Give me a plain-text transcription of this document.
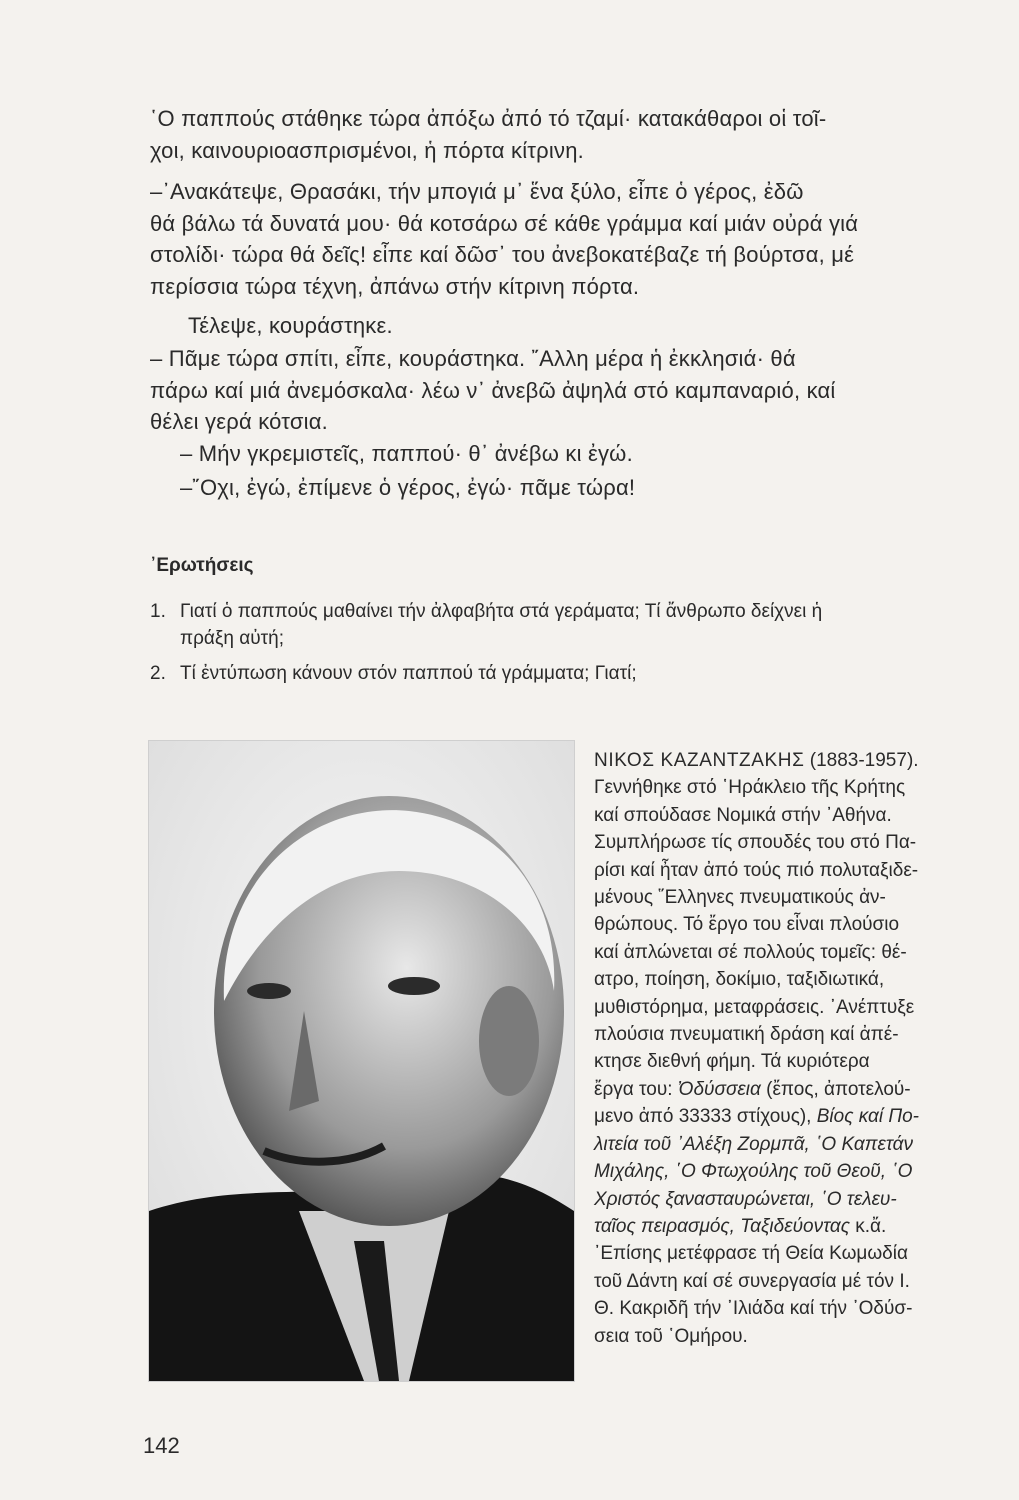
῾Ο παππούς στάθηκε τώρα ἀπόξω ἀπό τό τζαμί· κατακάθαροι οἱ τοῖ-
χοι, καινουριοασπρισμένοι, ἡ πόρτα κίτρινη.
–᾿Ανακάτεψε, Θρασάκι, τήν μπογιά μ᾿ ἕνα ξύλο, εἶπε ὁ γέρος, ἐδῶ
θά βάλω τά δυνατά μου· θά κοτσάρω σέ κάθε γράμμα καί μιάν οὐρά γιά
στολίδι· τώρα θά δεῖς! εἶπε καί δῶσ᾿ του ἀνεβοκατέβαζε τή βούρτσα, μέ
περίσσια τώρα τέχνη, ἀπάνω στήν κίτρινη πόρτα.
Τέλεψε, κουράστηκε.
– Πᾶμε τώρα σπίτι, εἶπε, κουράστηκα. ῎Αλλη μέρα ἡ ἐκκλησιά· θά
πάρω καί μιά ἀνεμόσκαλα· λέω ν᾿ ἀνεβῶ ἀψηλά στό καμπαναριό, καί
θέλει γερά κότσια.
– Μήν γκρεμιστεῖς, παππού· θ᾿ ἀνέβω κι ἐγώ.
–῎Οχι, ἐγώ, ἐπίμενε ὁ γέρος, ἐγώ· πᾶμε τώρα!
᾿Ερωτήσεις
1. Γιατί ὁ παππούς μαθαίνει τήν ἀλφαβήτα στά γεράματα; Τί ἄνθρωπο δείχνει ἡ
πράξη αὐτή;
2. Τί ἐντύπωση κάνουν στόν παππού τά γράμματα; Γιατί;
ΝΙΚΟΣ ΚΑΖΑΝΤΖΑΚΗΣ (1883-1957).
Γεννήθηκε στό ῾Ηράκλειο τῆς Κρήτης
καί σπούδασε Νομικά στήν ᾿Αθήνα.
Συμπλήρωσε τίς σπουδές του στό Πα-
ρίσι καί ἦταν ἀπό τούς πιό πολυταξιδε-
μένους ῞Ελληνες πνευματικούς ἀν-
θρώπους. Τό ἔργο του εἶναι πλούσιο
καί ἁπλώνεται σέ πολλούς τομεῖς: θέ-
ατρο, ποίηση, δοκίμιο, ταξιδιωτικά,
μυθιστόρημα, μεταφράσεις. ᾿Ανέπτυξε
πλούσια πνευματική δράση καί ἀπέ-
κτησε διεθνή φήμη. Τά κυριότερα
ἔργα του: Ὀδύσσεια (ἔπος, ἀποτελού-
μενο ἀπό 33333 στίχους), Βίος καί Πο-
λιτεία τοῦ ᾿Αλέξη Ζορμπᾶ, ῾Ο Καπετάν
Μιχάλης, ῾Ο Φτωχούλης τοῦ Θεοῦ, ῾Ο
Χριστός ξανασταυρώνεται, ῾Ο τελευ-
ταῖος πειρασμός, Ταξιδεύοντας κ.ἄ.
᾿Επίσης μετέφρασε τή Θεία Κωμωδία
τοῦ Δάντη καί σέ συνεργασία μέ τόν Ι.
Θ. Κακριδῆ τήν ᾿Ιλιάδα καί τήν ᾿Οδύσ-
σεια τοῦ ῾Ομήρου.
142
